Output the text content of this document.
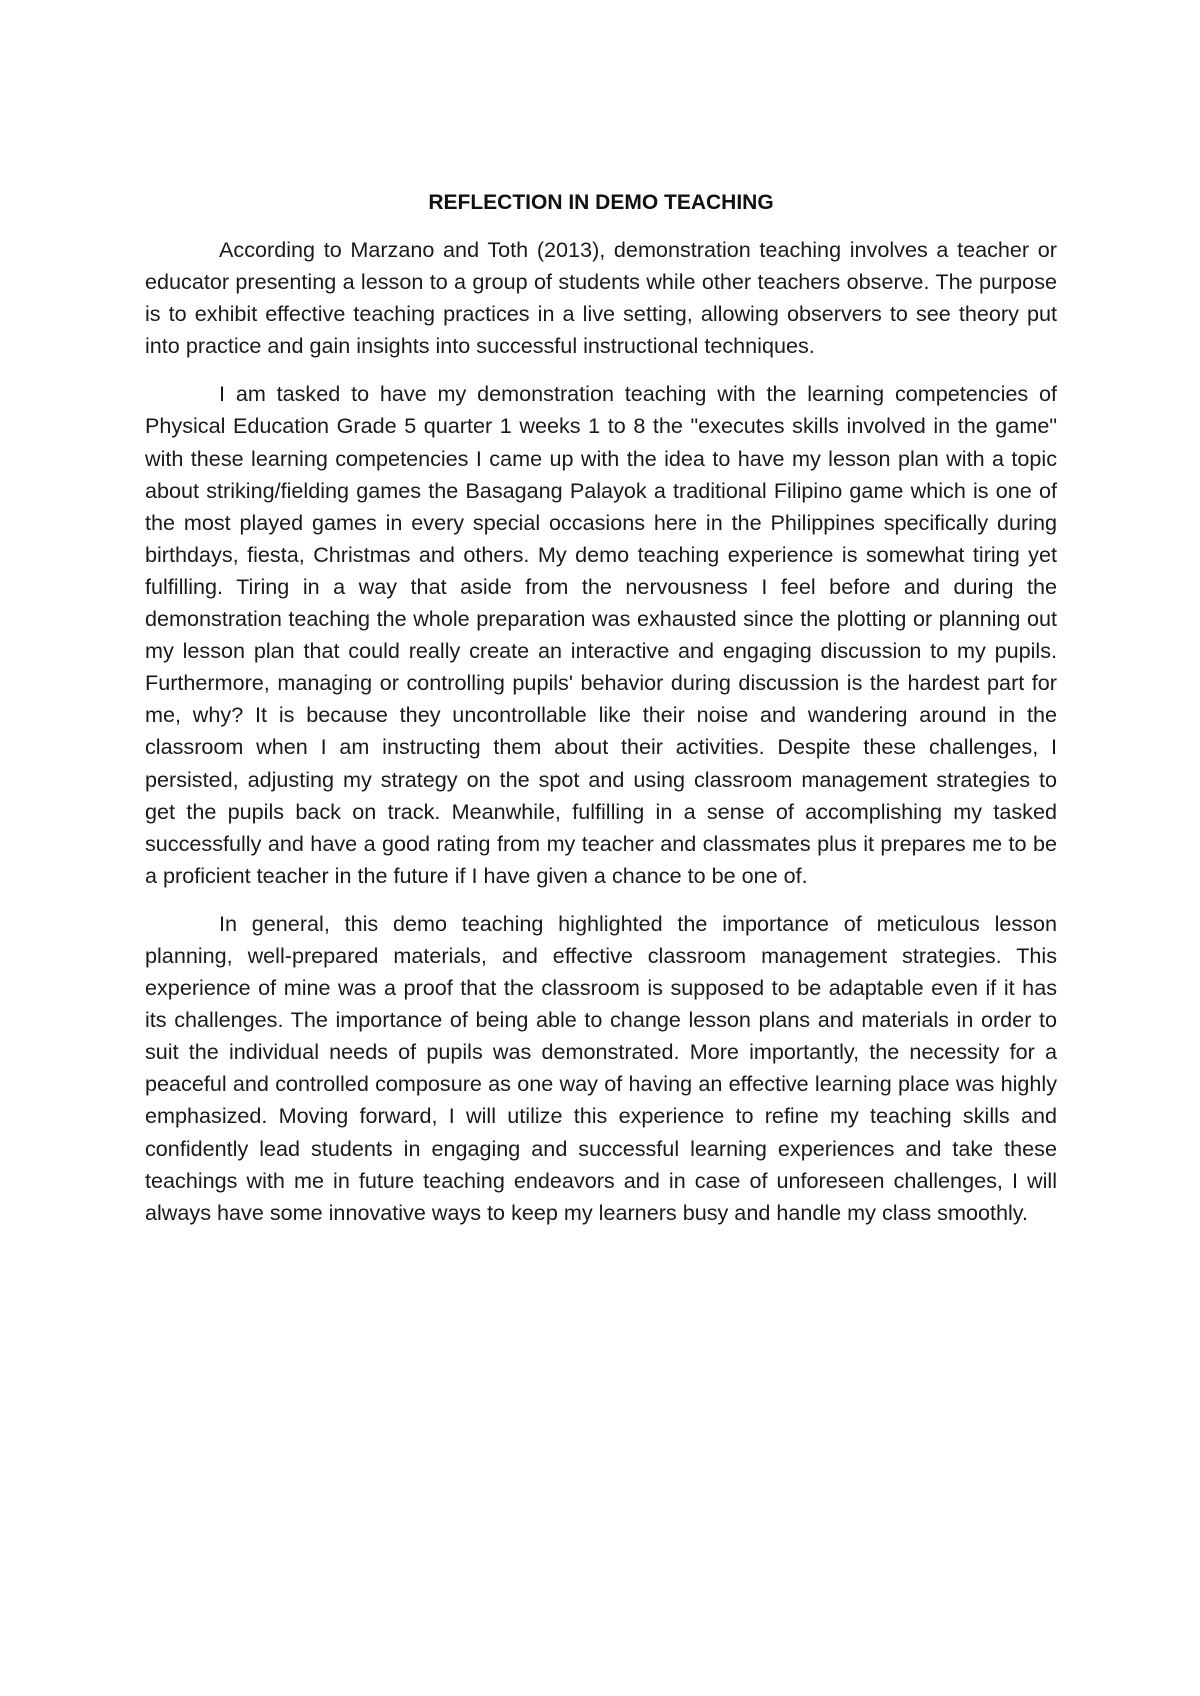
REFLECTION IN DEMO TEACHING

According to Marzano and Toth (2013), demonstration teaching involves a teacher or educator presenting a lesson to a group of students while other teachers observe. The purpose is to exhibit effective teaching practices in a live setting, allowing observers to see theory put into practice and gain insights into successful instructional techniques.

I am tasked to have my demonstration teaching with the learning competencies of Physical Education Grade 5 quarter 1 weeks 1 to 8 the "executes skills involved in the game" with these learning competencies I came up with the idea to have my lesson plan with a topic about striking/fielding games the Basagang Palayok a traditional Filipino game which is one of the most played games in every special occasions here in the Philippines specifically during birthdays, fiesta, Christmas and others. My demo teaching experience is somewhat tiring yet fulfilling. Tiring in a way that aside from the nervousness I feel before and during the demonstration teaching the whole preparation was exhausted since the plotting or planning out my lesson plan that could really create an interactive and engaging discussion to my pupils. Furthermore, managing or controlling pupils' behavior during discussion is the hardest part for me, why? It is because they uncontrollable like their noise and wandering around in the classroom when I am instructing them about their activities. Despite these challenges, I persisted, adjusting my strategy on the spot and using classroom management strategies to get the pupils back on track. Meanwhile, fulfilling in a sense of accomplishing my tasked successfully and have a good rating from my teacher and classmates plus it prepares me to be a proficient teacher in the future if I have given a chance to be one of.

In general, this demo teaching highlighted the importance of meticulous lesson planning, well-prepared materials, and effective classroom management strategies. This experience of mine was a proof that the classroom is supposed to be adaptable even if it has its challenges. The importance of being able to change lesson plans and materials in order to suit the individual needs of pupils was demonstrated. More importantly, the necessity for a peaceful and controlled composure as one way of having an effective learning place was highly emphasized. Moving forward, I will utilize this experience to refine my teaching skills and confidently lead students in engaging and successful learning experiences and take these teachings with me in future teaching endeavors and in case of unforeseen challenges, I will always have some innovative ways to keep my learners busy and handle my class smoothly.
